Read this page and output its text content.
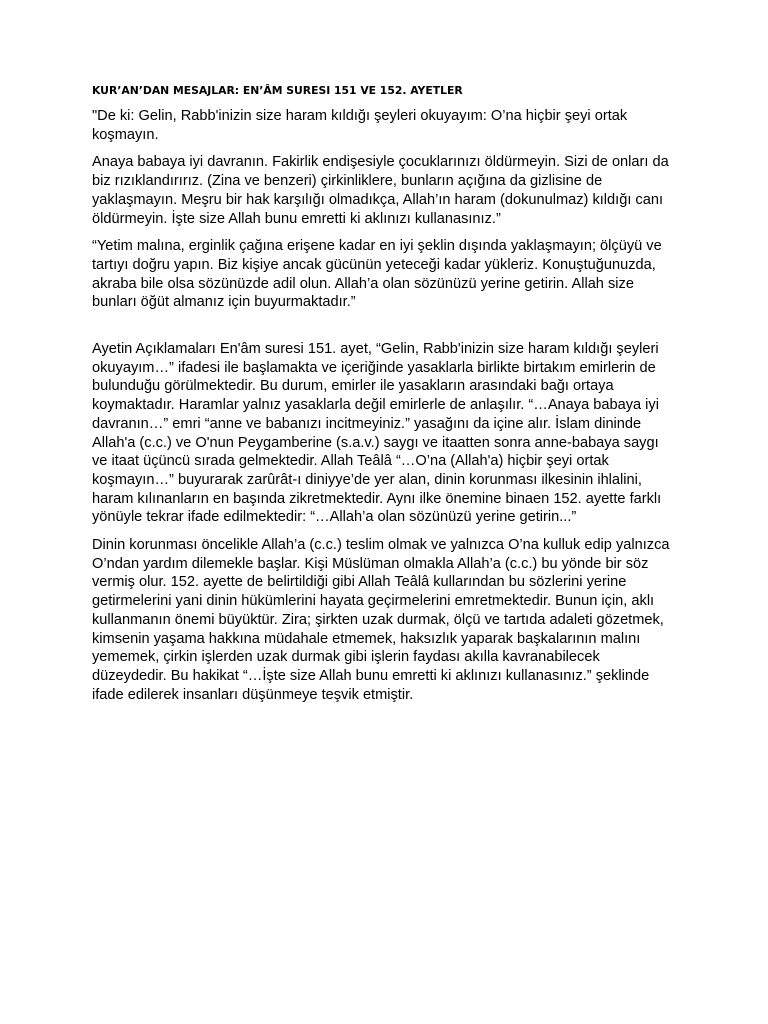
KUR’AN’DAN MESAJLAR: EN’ÂM SURESI 151 VE 152. AYETLER

"De ki: Gelin, Rabb'inizin size haram kıldığı şeyleri okuyayım: O’na hiçbir şeyi ortak koşmayın.

Anaya babaya iyi davranın. Fakirlik endişesiyle çocuklarınızı öldürmeyin. Sizi de onları da biz rızıklandırırız. (Zina ve benzeri) çirkinliklere, bunların açığına da gizlisine de yaklaşmayın. Meşru bir hak karşılığı olmadıkça, Allah’ın haram (dokunulmaz) kıldığı canı öldürmeyin. İşte size Allah bunu emretti ki aklınızı kullanasınız.”

“Yetim malına, erginlik çağına erişene kadar en iyi şeklin dışında yaklaşmayın; ölçüyü ve tartıyı doğru yapın. Biz kişiye ancak gücünün yeteceği kadar yükleriz. Konuştuğunuzda, akraba bile olsa sözünüzde adil olun. Allah’a olan sözünüzü yerine getirin. Allah size bunları öğüt almanız için buyurmaktadır.”

Ayetin Açıklamaları En'âm suresi 151. ayet, “Gelin, Rabb'inizin size haram kıldığı şeyleri okuyayım…” ifadesi ile başlamakta ve içeriğinde yasaklarla birlikte birtakım emirlerin de bulunduğu görülmektedir. Bu durum, emirler ile yasakların arasındaki bağı ortaya koymaktadır. Haramlar yalnız yasaklarla değil emirlerle de anlaşılır. “…Anaya babaya iyi davranın…” emri “anne ve babanızı incitmeyiniz.” yasağını da içine alır. İslam dininde Allah'a (c.c.) ve O'nun Peygamberine (s.a.v.) saygı ve itaatten sonra anne-babaya saygı ve itaat üçüncü sırada gelmektedir. Allah Teâlâ “…O’na (Allah'a) hiçbir şeyi ortak koşmayın…” buyurarak zarûrât-ı diniyye’de yer alan, dinin korunması ilkesinin ihlalini, haram kılınanların en başında zikretmektedir. Aynı ilke önemine binaen 152. ayette farklı yönüyle tekrar ifade edilmektedir: “…Allah’a olan sözünüzü yerine getirin...”

Dinin korunması öncelikle Allah’a (c.c.) teslim olmak ve yalnızca O’na kulluk edip yalnızca O’ndan yardım dilemekle başlar. Kişi Müslüman olmakla Allah’a (c.c.) bu yönde bir söz vermiş olur. 152. ayette de belirtildiği gibi Allah Teâlâ kullarından bu sözlerini yerine getirmelerini yani dinin hükümlerini hayata geçirmelerini emretmektedir. Bunun için, aklı kullanmanın önemi büyüktür. Zira; şirkten uzak durmak, ölçü ve tartıda adaleti gözetmek, kimsenin yaşama hakkına müdahale etmemek, haksızlık yaparak başkalarının malını yememek, çirkin işlerden uzak durmak gibi işlerin faydası akılla kavranabilecek düzeydedir. Bu hakikat “…İşte size Allah bunu emretti ki aklınızı kullanasınız.” şeklinde ifade edilerek insanları düşünmeye teşvik etmiştir.
